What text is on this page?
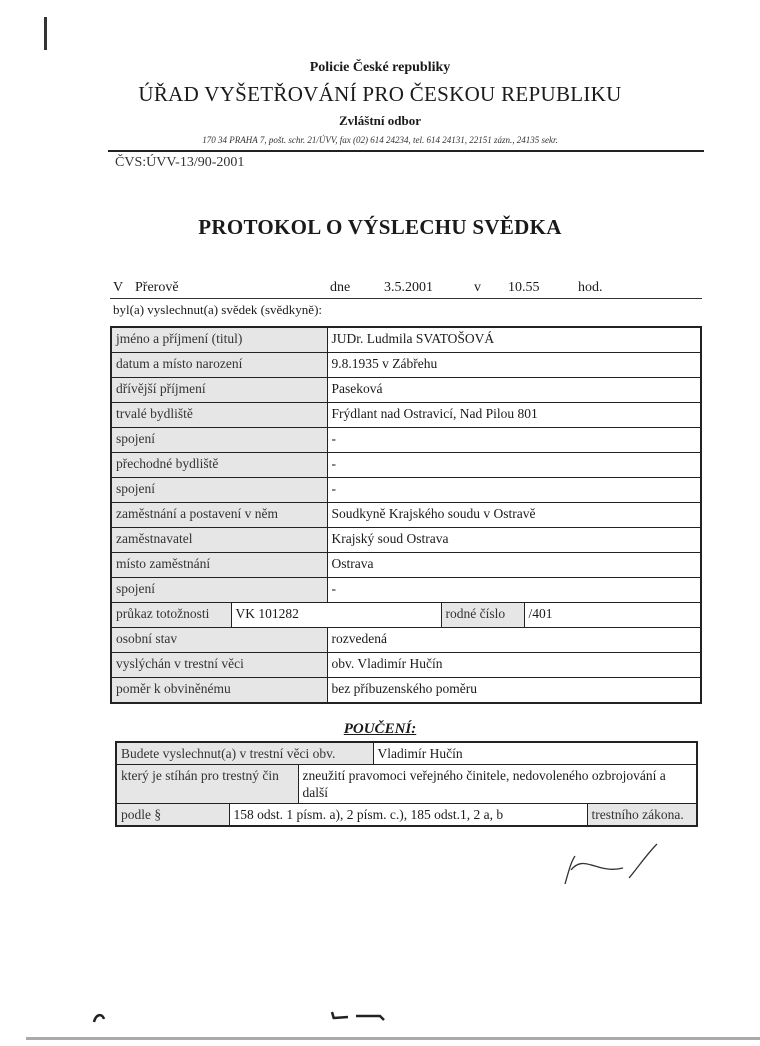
Policie České republiky
ÚŘAD VYŠETŘOVÁNÍ PRO ČESKOU REPUBLIKU
Zvláštní odbor
170 34 PRAHA 7, pošt. schr. 21/ÚVV, fax (02) 614 24234, tel. 614 24131, 22151 zázn., 24135 sekr.
ČVS:ÚVV-13/90-2001
PROTOKOL O VÝSLECHU SVĚDKA
V Přerově	dne 3.5.2001	v 10.55	hod.
byl(a) vyslechnut(a) svědek (svědkyně):
jméno a příjmení (titul)		JUDr. Ludmila SVATOŠOVÁ		
datum a místo narození		9.8.1935 v Zábřehu		
dřívější příjmení		Paseková		
trvalé bydliště		Frýdlant nad Ostravicí, Nad Pilou 801		
spojení		-		
přechodné bydliště		-		
spojení		-		
zaměstnání a postavení v něm		Soudkyně Krajského soudu v Ostravě		
zaměstnavatel		Krajský soud Ostrava		
místo zaměstnání		Ostrava		
spojení		-		
průkaz totožnosti	VK 101282		rodné číslo	/401
osobní stav		rozvedená		
vyslýchán v trestní věci		obv. Vladimír Hučín		
poměr k obviněnému		bez příbuzenského poměru		
POUČENÍ:
Budete vyslechnut(a) v trestní věci obv.			Vladimír Hučín	
který je stíhán pro trestný čin		zneužití pravomoci veřejného činitele, nedovoleného ozbrojování a další		
podle §	158 odst. 1 písm. a), 2 písm. c.), 185 odst.1, 2 a, b			trestního zákona.
